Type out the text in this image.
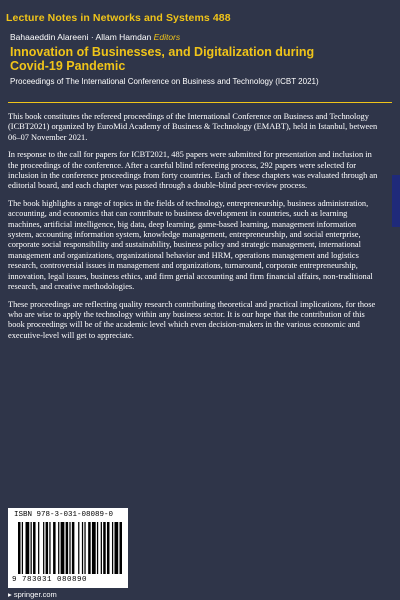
Lecture Notes in Networks and Systems 488
Bahaaeddin Alareeni · Allam Hamdan Editors
Innovation of Businesses, and Digitalization during Covid-19 Pandemic
Proceedings of The International Conference on Business and Technology (ICBT 2021)

This book constitutes the refereed proceedings of the International Conference on Business and Technology (ICBT2021) organized by EuroMid Academy of Business & Technology (EMABT), held in Istanbul, between 06–07 November 2021.

In response to the call for papers for ICBT2021, 485 papers were submitted for presentation and inclusion in the proceedings of the conference. After a careful blind refereeing process, 292 papers were selected for inclusion in the conference proceedings from forty countries. Each of these chapters was evaluated through an editorial board, and each chapter was passed through a double-blind peer-review process.

The book highlights a range of topics in the fields of technology, entrepreneurship, business administration, accounting, and economics that can contribute to business development in countries, such as learning machines, artificial intelligence, big data, deep learning, game-based learning, management information system, accounting information system, knowledge management, entrepreneurship, and social enterprise, corporate social responsibility and sustainability, business policy and strategic management, international management and organizations, organizational behavior and HRM, operations management and logistics research, controversial issues in management and organizations, turnaround, corporate entrepreneurship, innovation, legal issues, business ethics, and firm gerial accounting and firm financial affairs, non-traditional research, and creative methodologies.

These proceedings are reflecting quality research contributing theoretical and practical implications, for those who are wise to apply the technology within any business sector. It is our hope that the contribution of this book proceedings will be of the academic level which even decision-makers in the various economic and executive-level will get to appreciate.

ISBN 978-3-031-08089-0
9 783031 080890
▸ springer.com
